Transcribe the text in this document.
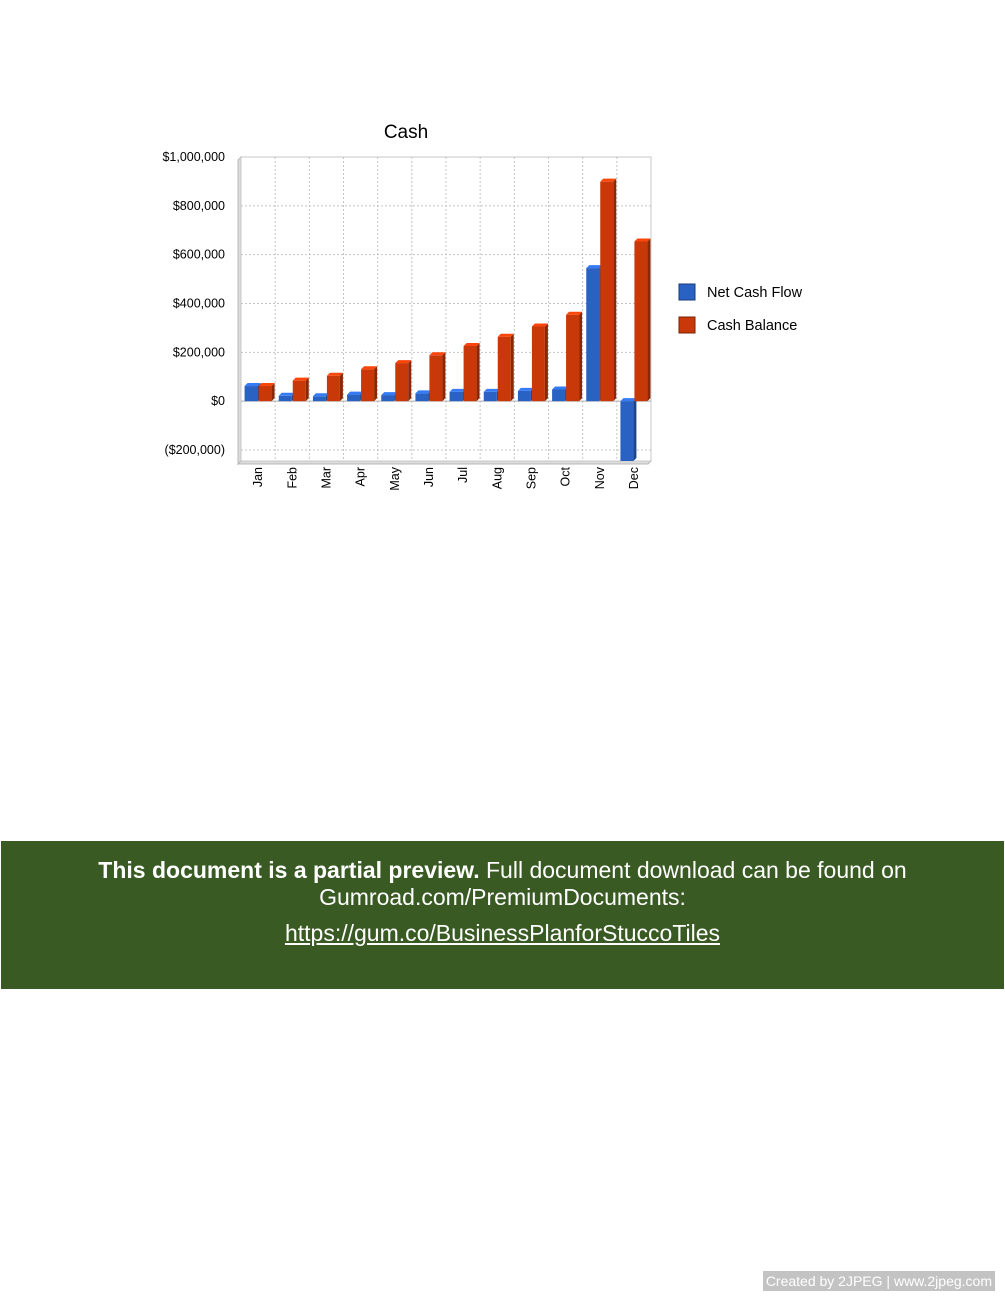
Cash
$1,000,000
$800,000
$600,000
$400,000
$200,000
$0
($200,000)
Jan Feb Mar Apr May Jun Jul Aug Sep Oct Nov Dec
Net Cash Flow
Cash Balance
This document is a partial preview. Full document download can be found on
Gumroad.com/PremiumDocuments:
https://gum.co/BusinessPlanforStuccoTiles
Created by 2JPEG | www.2jpeg.com
